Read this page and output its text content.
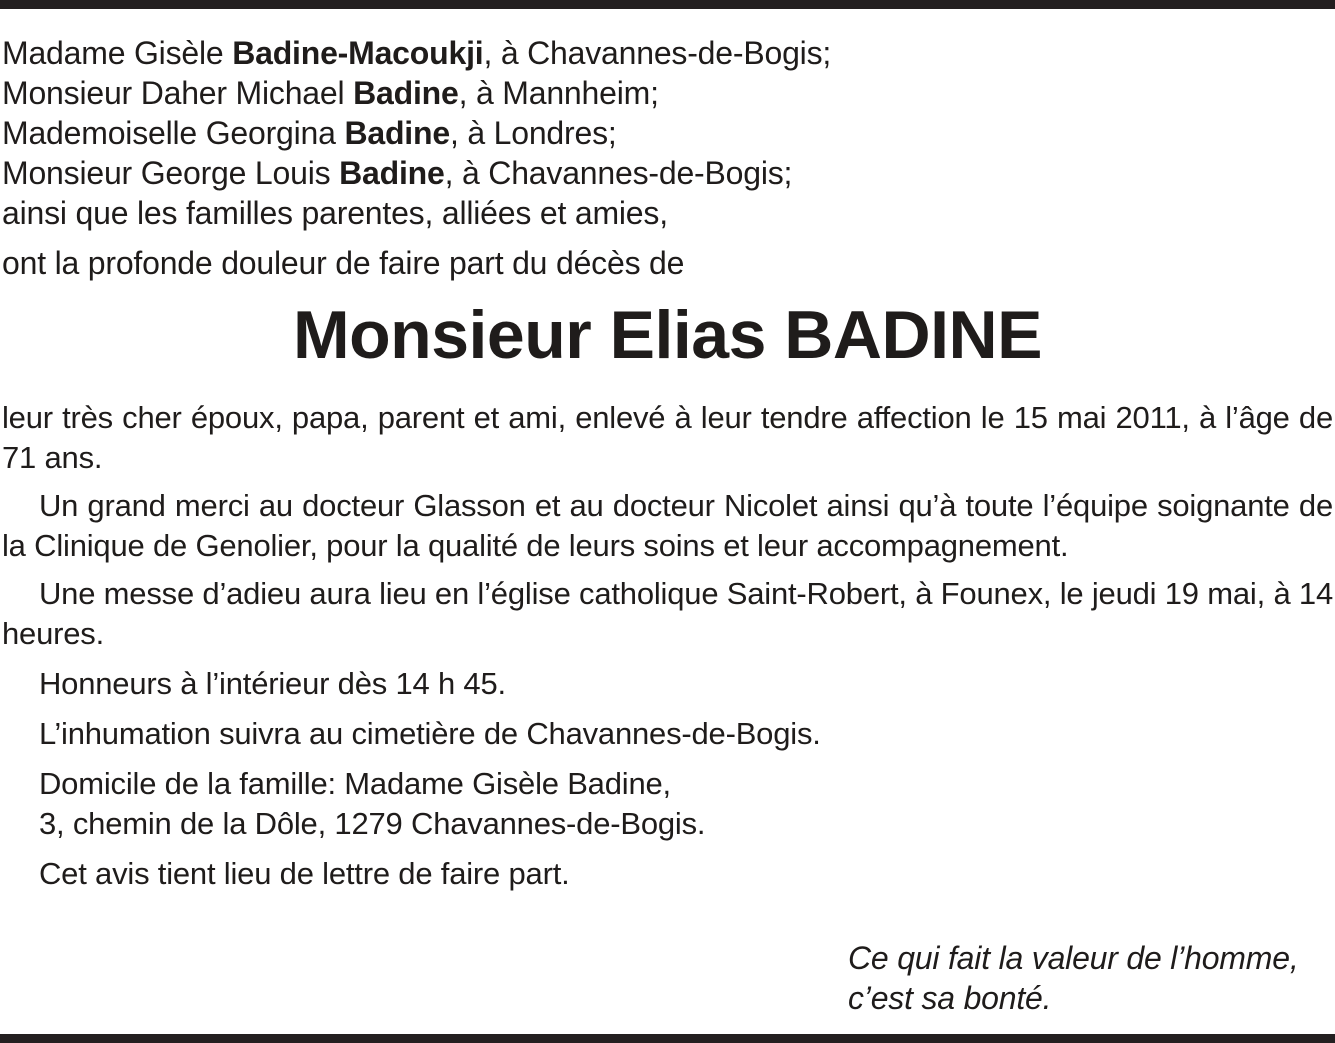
Madame Gisèle Badine-Macoukji, à Chavannes-de-Bogis;
Monsieur Daher Michael Badine, à Mannheim;
Mademoiselle Georgina Badine, à Londres;
Monsieur George Louis Badine, à Chavannes-de-Bogis;
ainsi que les familles parentes, alliées et amies,
ont la profonde douleur de faire part du décès de
Monsieur Elias BADINE

leur très cher époux, papa, parent et ami, enlevé à leur tendre affection le 15 mai 2011, à l’âge de 71 ans.

Un grand merci au docteur Glasson et au docteur Nicolet ainsi qu’à toute l’équipe soignante de la Clinique de Genolier, pour la qualité de leurs soins et leur accompagnement.

Une messe d’adieu aura lieu en l’église catholique Saint-Robert, à Founex, le jeudi 19 mai, à 14 heures.

Honneurs à l’intérieur dès 14 h 45.

L’inhumation suivra au cimetière de Chavannes-de-Bogis.

Domicile de la famille: Madame Gisèle Badine,

3, chemin de la Dôle, 1279 Chavannes-de-Bogis.

Cet avis tient lieu de lettre de faire part.

Ce qui fait la valeur de l’homme,
c’est sa bonté.
